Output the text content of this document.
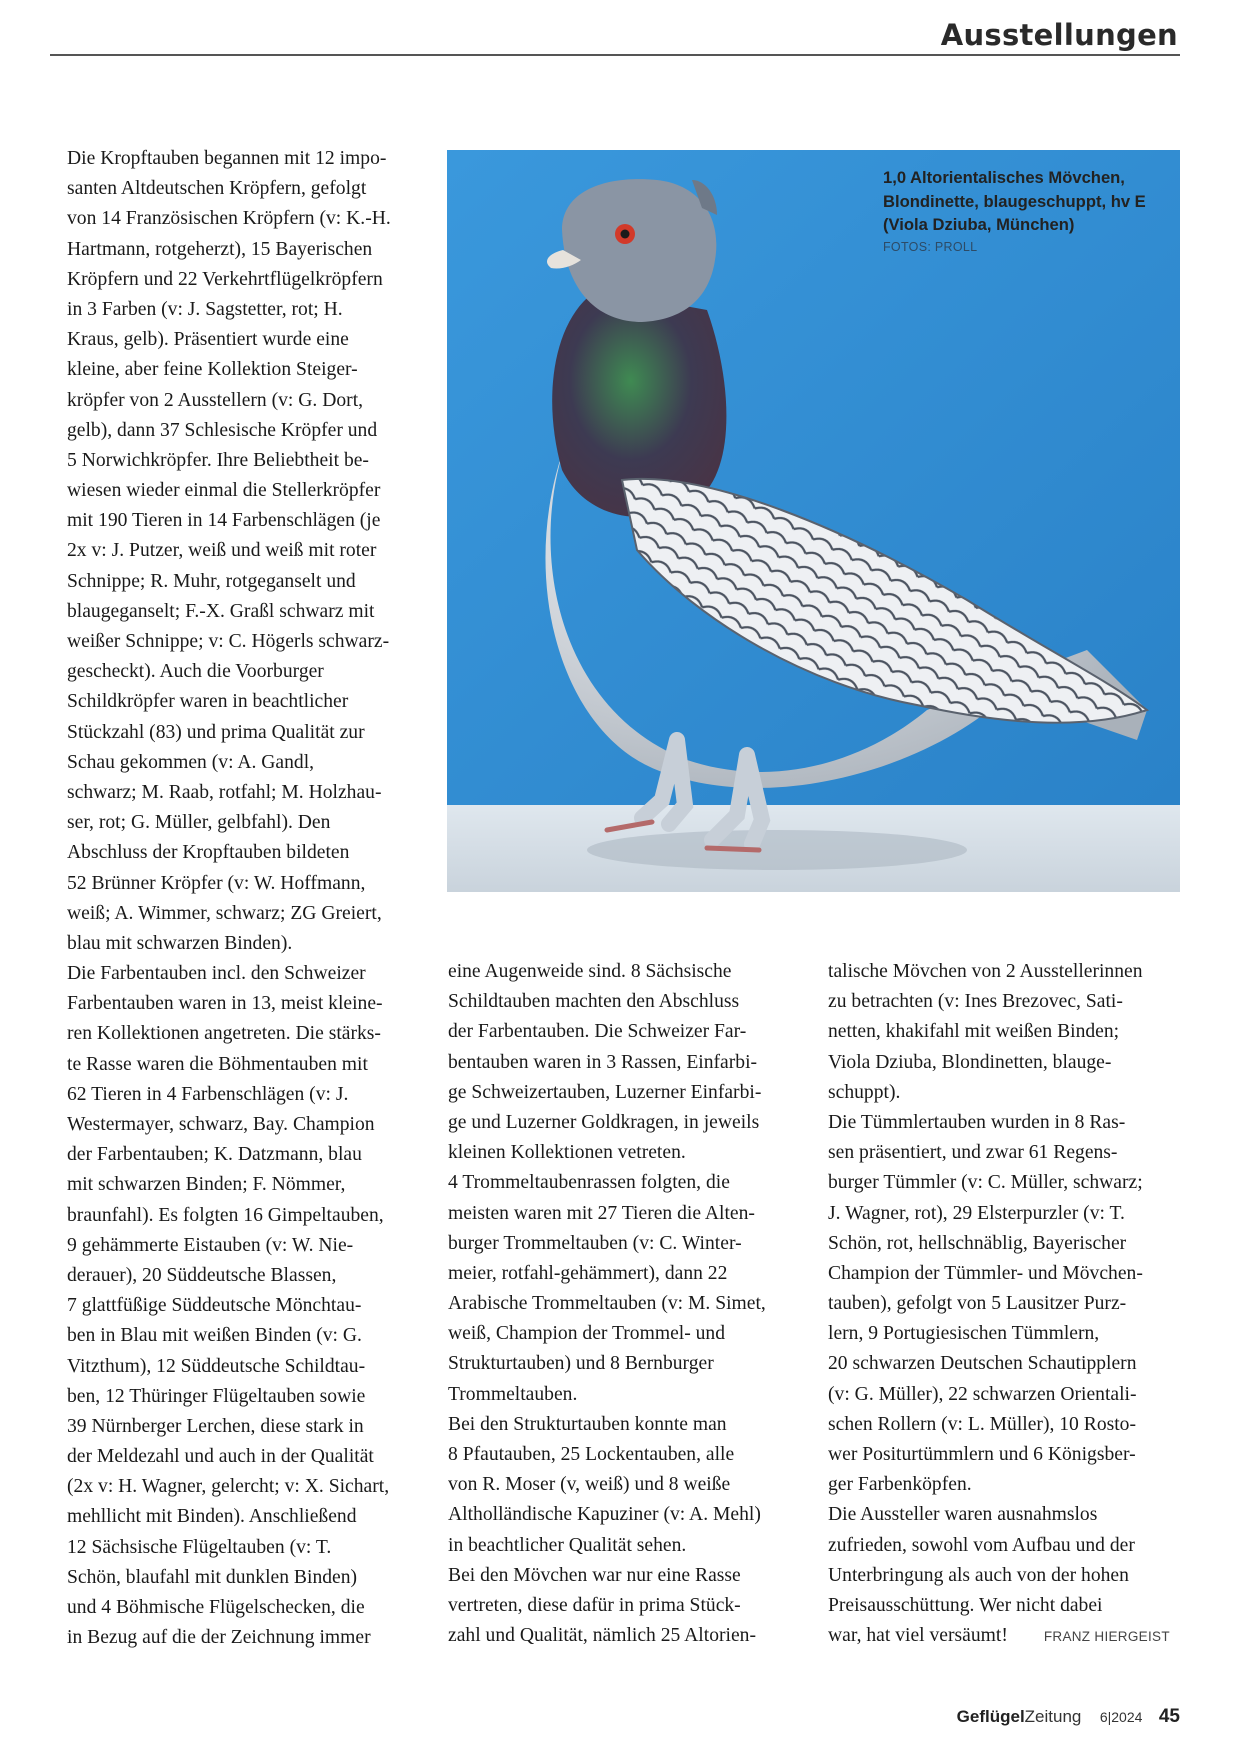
Ausstellungen
Die Kropftauben begannen mit 12 impo-
santen Altdeutschen Kröpfern, gefolgt
von 14 Französischen Kröpfern (v: K.-H.
Hartmann, rotgeherzt), 15 Bayerischen
Kröpfern und 22 Verkehrtflügelkröpfern
in 3 Farben (v: J. Sagstetter, rot; H.
Kraus, gelb). Präsentiert wurde eine
kleine, aber feine Kollektion Steiger-
kröpfer von 2 Ausstellern (v: G. Dort,
gelb), dann 37 Schlesische Kröpfer und
5 Norwichkröpfer. Ihre Beliebtheit be-
wiesen wieder einmal die Stellerkröpfer
mit 190 Tieren in 14 Farbenschlägen (je
2x v: J. Putzer, weiß und weiß mit roter
Schnippe; R. Muhr, rotgeganselt und
blaugeganselt; F.-X. Graßl schwarz mit
weißer Schnippe; v: C. Högerls schwarz-
gescheckt). Auch die Voorburger
Schildkröpfer waren in beachtlicher
Stückzahl (83) und prima Qualität zur
Schau gekommen (v: A. Gandl,
schwarz; M. Raab, rotfahl; M. Holzhau-
ser, rot; G. Müller, gelbfahl). Den
Abschluss der Kropftauben bildeten
52 Brünner Kröpfer (v: W. Hoffmann,
weiß; A. Wimmer, schwarz; ZG Greiert,
blau mit schwarzen Binden).
Die Farbentauben incl. den Schweizer
Farbentauben waren in 13, meist kleine-
ren Kollektionen angetreten. Die stärks-
te Rasse waren die Böhmentauben mit
62 Tieren in 4 Farbenschlägen (v: J.
Westermayer, schwarz, Bay. Champion
der Farbentauben; K. Datzmann, blau
mit schwarzen Binden; F. Nömmer,
braunfahl). Es folgten 16 Gimpeltauben,
9 gehämmerte Eistauben (v: W. Nie-
derauer), 20 Süddeutsche Blassen,
7 glattfüßige Süddeutsche Mönchtau-
ben in Blau mit weißen Binden (v: G.
Vitzthum), 12 Süddeutsche Schildtau-
ben, 12 Thüringer Flügeltauben sowie
39 Nürnberger Lerchen, diese stark in
der Meldezahl und auch in der Qualität
(2x v: H. Wagner, gelercht; v: X. Sichart,
mehllicht mit Binden). Anschließend
12 Sächsische Flügeltauben (v: T.
Schön, blaufahl mit dunklen Binden)
und 4 Böhmische Flügelschecken, die
in Bezug auf die der Zeichnung immer
1,0 Altorientalisches Mövchen,
Blondinette, blaugeschuppt, hv E
(Viola Dziuba, München)
FOTOS: PROLL
eine Augenweide sind. 8 Sächsische
Schildtauben machten den Abschluss
der Farbentauben. Die Schweizer Far-
bentauben waren in 3 Rassen, Einfarbi-
ge Schweizertauben, Luzerner Einfarbi-
ge und Luzerner Goldkragen, in jeweils
kleinen Kollektionen vetreten.
4 Trommeltaubenrassen folgten, die
meisten waren mit 27 Tieren die Alten-
burger Trommeltauben (v: C. Winter-
meier, rotfahl-gehämmert), dann 22
Arabische Trommeltauben (v: M. Simet,
weiß, Champion der Trommel- und
Strukturtauben) und 8 Bernburger
Trommeltauben.
Bei den Strukturtauben konnte man
8 Pfautauben, 25 Lockentauben, alle
von R. Moser (v, weiß) und 8 weiße
Altholländische Kapuziner (v: A. Mehl)
in beachtlicher Qualität sehen.
Bei den Mövchen war nur eine Rasse
vertreten, diese dafür in prima Stück-
zahl und Qualität, nämlich 25 Altorien-
talische Mövchen von 2 Ausstellerinnen
zu betrachten (v: Ines Brezovec, Sati-
netten, khakifahl mit weißen Binden;
Viola Dziuba, Blondinetten, blauge-
schuppt).
Die Tümmlertauben wurden in 8 Ras-
sen präsentiert, und zwar 61 Regens-
burger Tümmler (v: C. Müller, schwarz;
J. Wagner, rot), 29 Elsterpurzler (v: T.
Schön, rot, hellschnäblig, Bayerischer
Champion der Tümmler- und Mövchen-
tauben), gefolgt von 5 Lausitzer Purz-
lern, 9 Portugiesischen Tümmlern,
20 schwarzen Deutschen Schautipplern
(v: G. Müller), 22 schwarzen Orientali-
schen Rollern (v: L. Müller), 10 Rosto-
wer Positurtümmlern und 6 Königsber-
ger Farbenköpfen.
Die Aussteller waren ausnahmslos
zufrieden, sowohl vom Aufbau und der
Unterbringung als auch von der hohen
Preisausschüttung. Wer nicht dabei
war, hat viel versäumt!	FRANZ HIERGEIST
GeflügelZeitung 6|2024 45
